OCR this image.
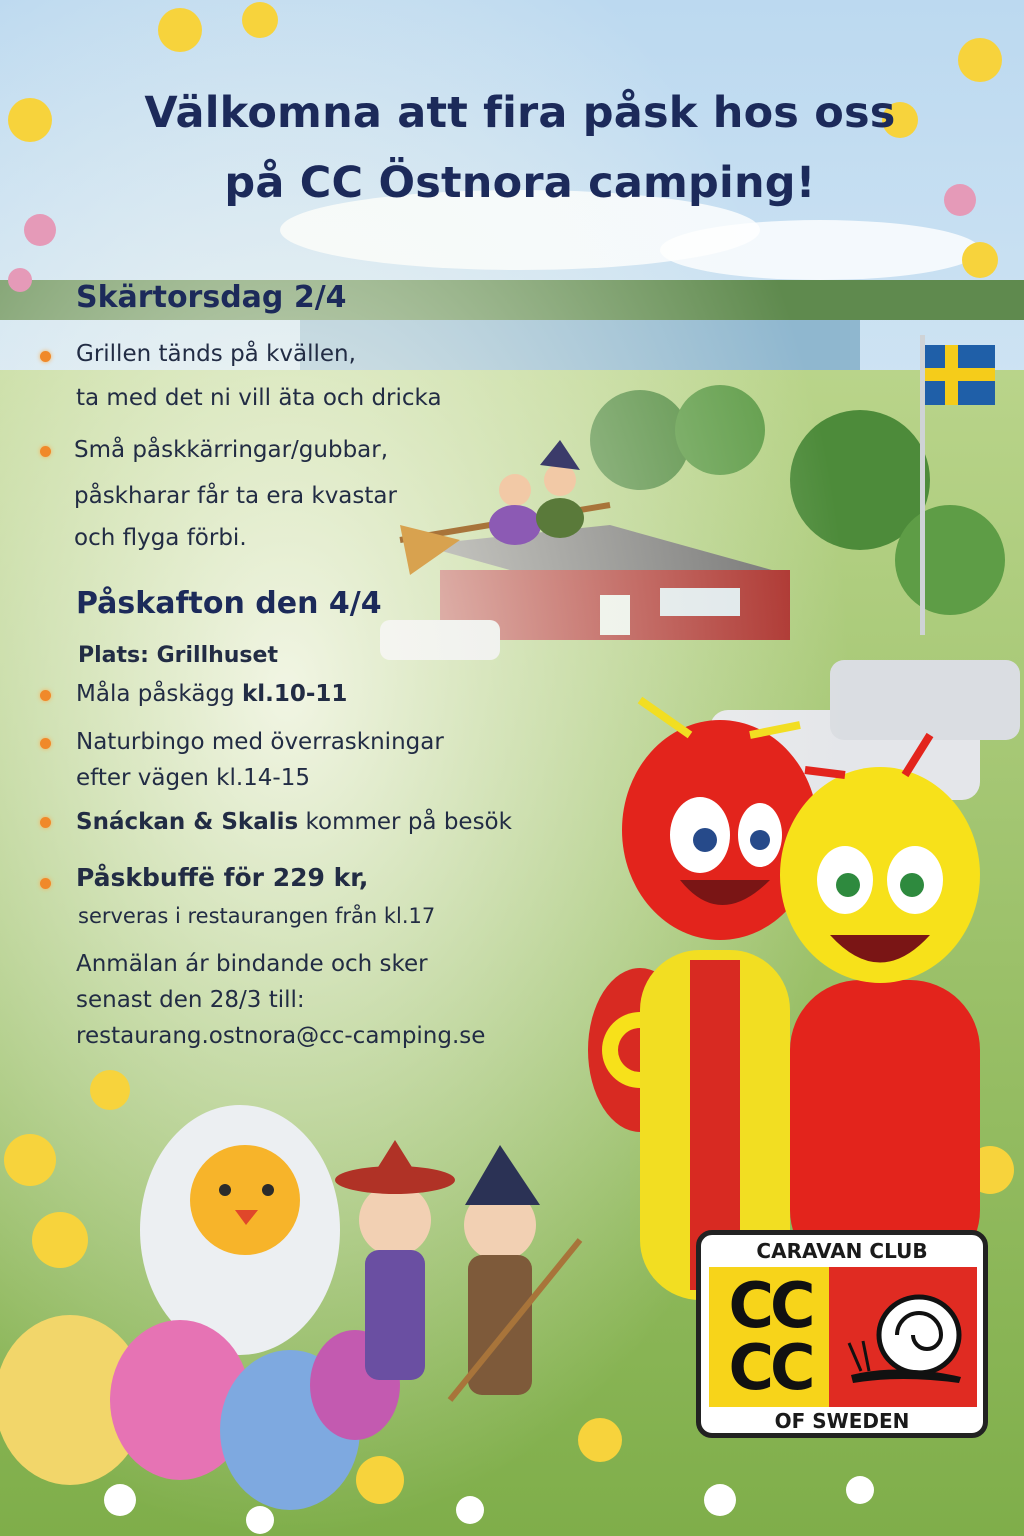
Välkomna att fira påsk hos oss
på CC Östnora camping!
Skärtorsdag 2/4
Grillen tänds på kvällen,
ta med det ni vill äta och dricka
Små påskkärringar/gubbar,
påskharar får ta era kvastar
och flyga förbi.
Påskafton den 4/4
Plats: Grillhuset
Måla påskägg kl.10-11
Naturbingo med överraskningar
efter vägen kl.14-15
Snáckan & Skalis kommer på besök
Påskbuffë för 229 kr,
serveras i restaurangen från kl.17
Anmälan ár bindande och sker
senast den 28/3 till:
restaurang.ostnora@cc-camping.se
CARAVAN CLUB
CC
CC
OF SWEDEN
